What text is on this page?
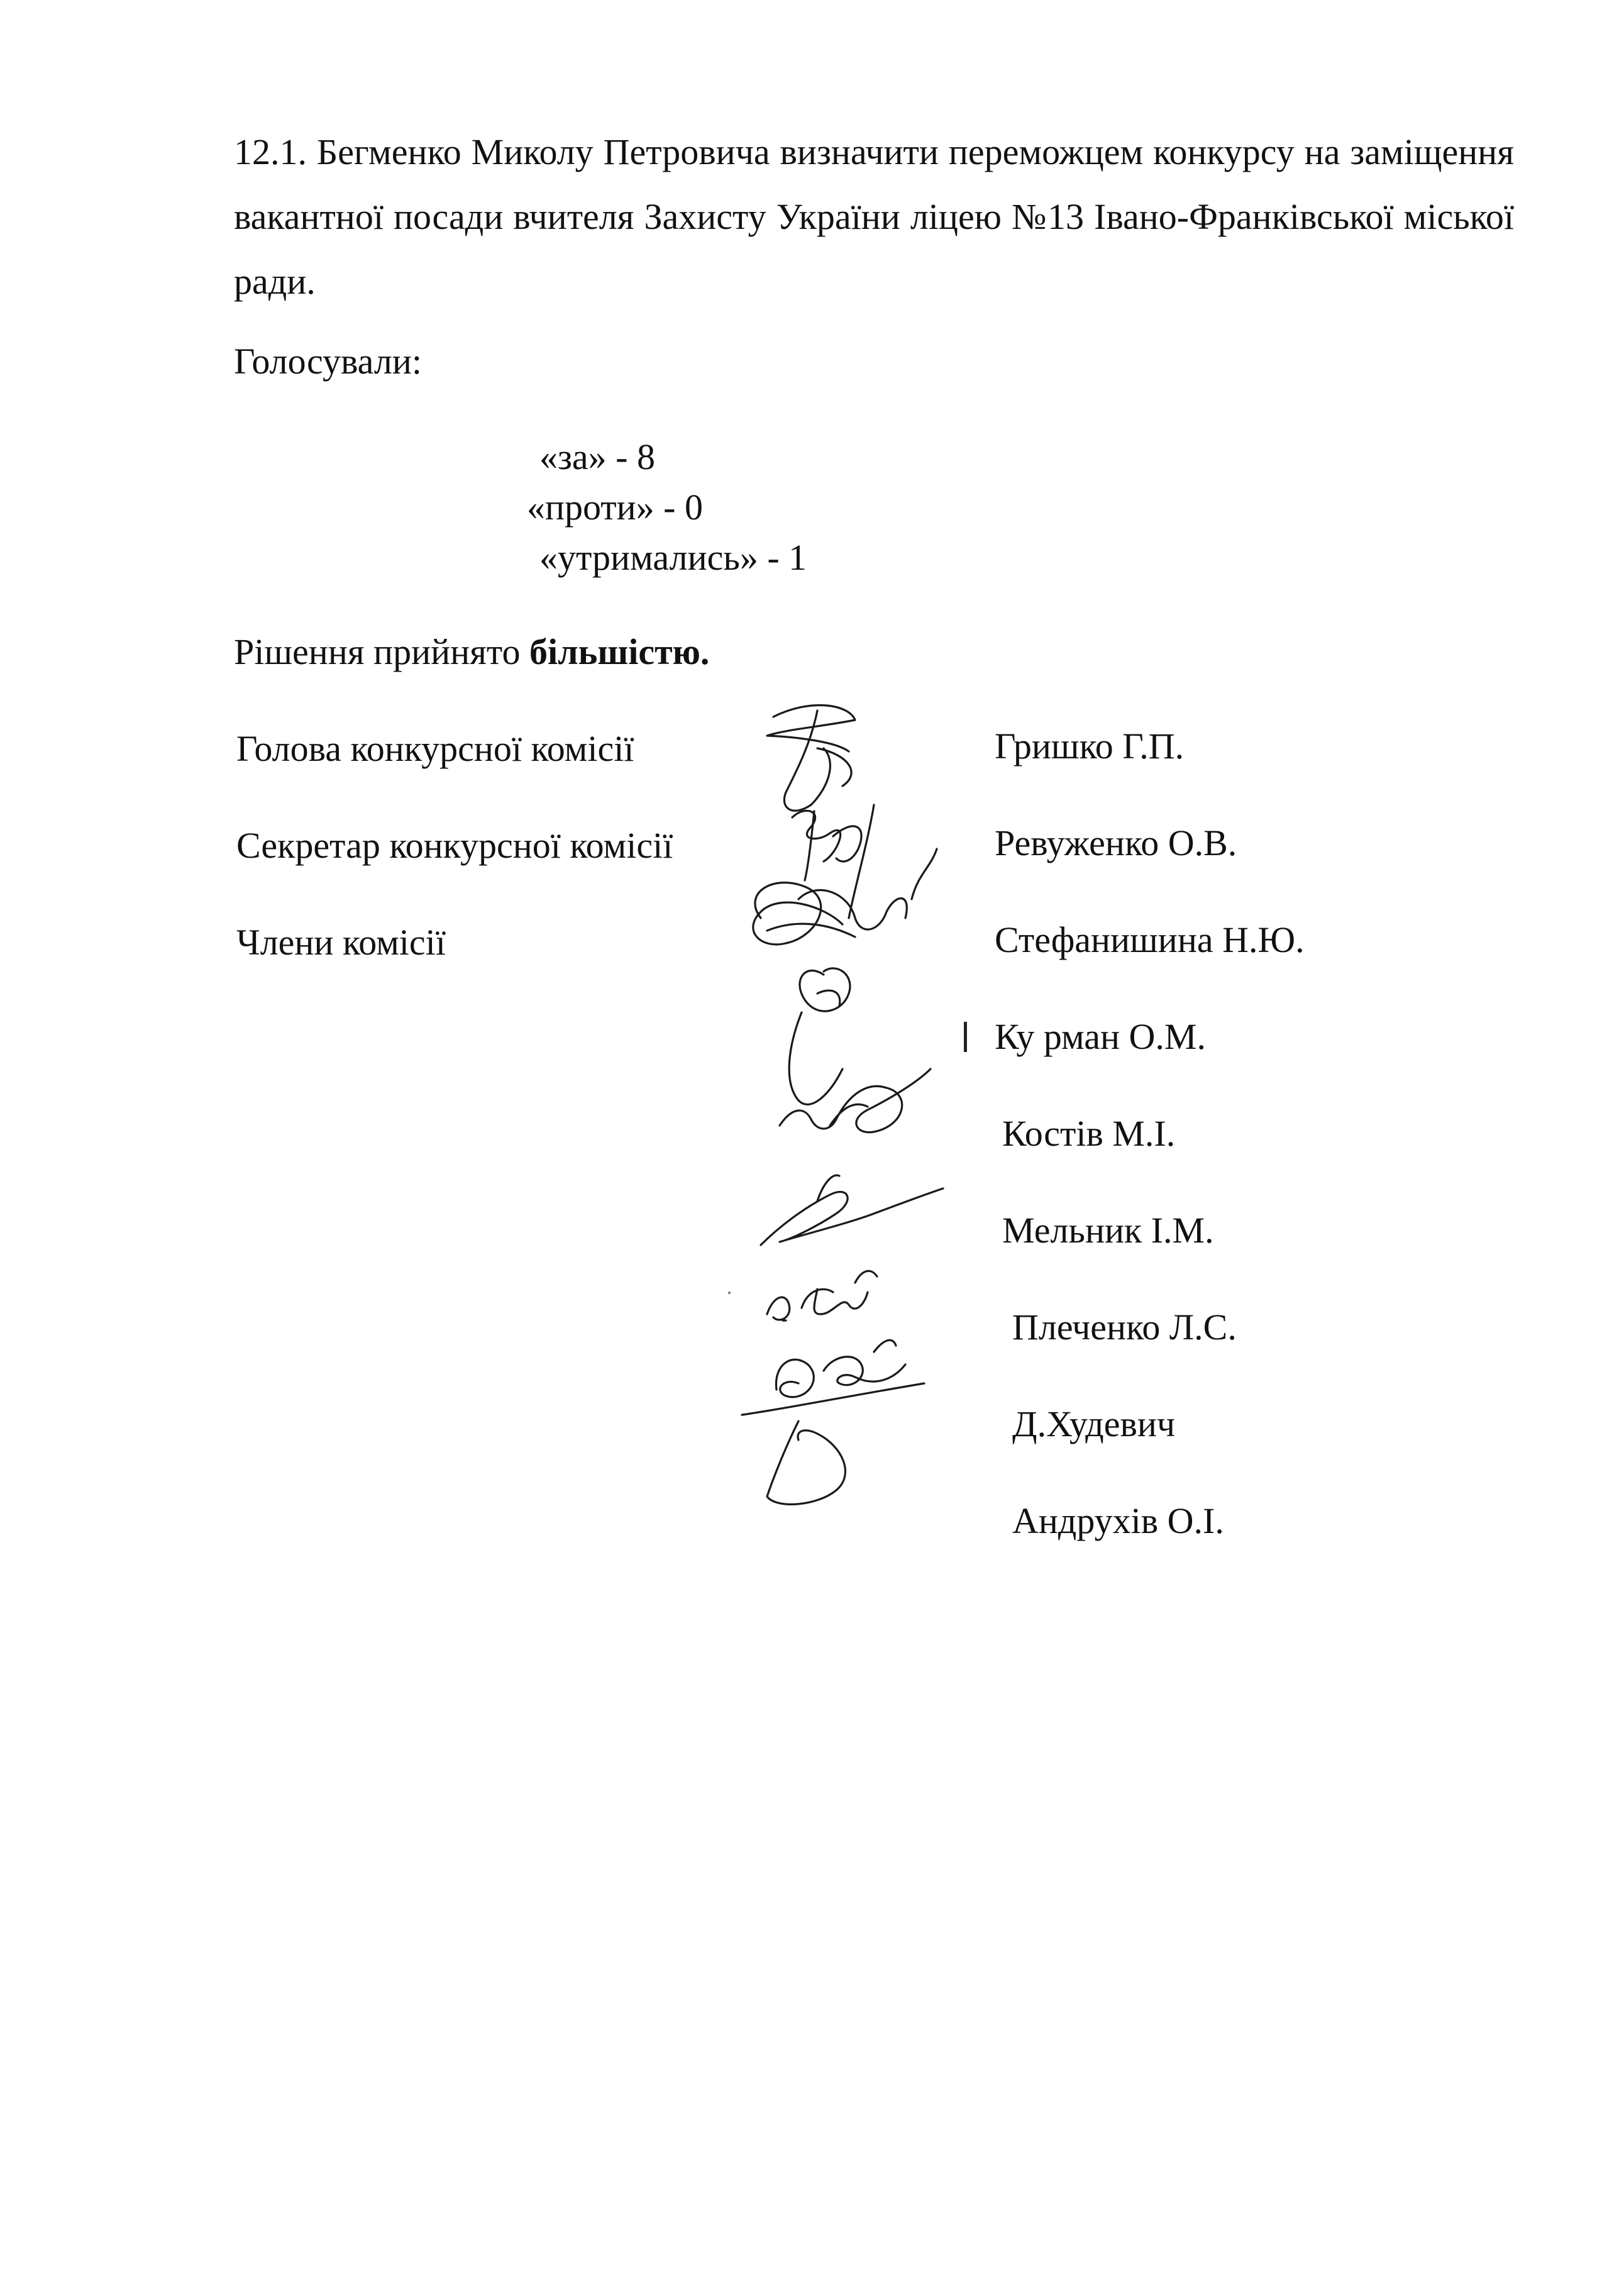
12.1. Бегменко Миколу Петровича визначити переможцем конкурсу на заміщення вакантної посади вчителя Захисту України ліцею №13 Івано-Франківської міської ради.

Голосували:

«за» - 8

«проти» - 0

«утримались» - 1

Рішення прийнято більшістю.

Голова конкурсної комісії

Секретар конкурсної комісії

Члени комісії

Гришко Г.П.

Ревуженко О.В.

Стефанишина Н.Ю.

Ку рман О.М.

Костів М.І.

Мельник І.М.

Плеченко Л.С.

Д.Худевич

Андрухів О.І.
